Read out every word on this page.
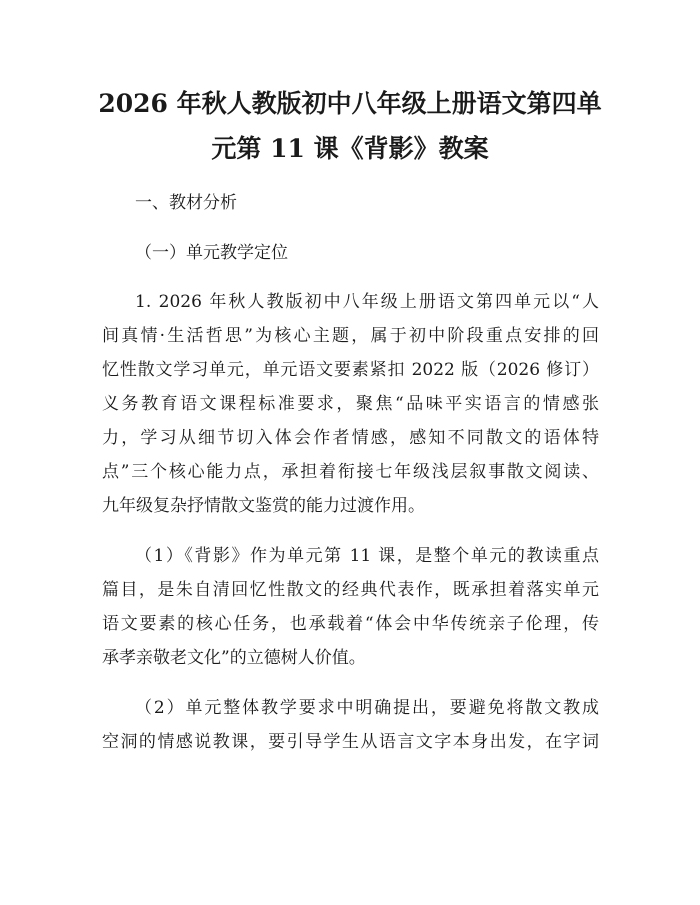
2026 年秋人教版初中八年级上册语文第四单
元第 11 课《背影》教案
一、教材分析
（一）单元教学定位
1. 2026 年秋人教版初中八年级上册语文第四单元以“人
间真情·生活哲思”为核心主题，属于初中阶段重点安排的回
忆性散文学习单元，单元语文要素紧扣 2022 版（2026 修订）
义务教育语文课程标准要求，聚焦“品味平实语言的情感张
力，学习从细节切入体会作者情感，感知不同散文的语体特
点”三个核心能力点，承担着衔接七年级浅层叙事散文阅读、
九年级复杂抒情散文鉴赏的能力过渡作用。
（1）《背影》作为单元第 11 课，是整个单元的教读重点
篇目，是朱自清回忆性散文的经典代表作，既承担着落实单元
语文要素的核心任务，也承载着“体会中华传统亲子伦理，传
承孝亲敬老文化”的立德树人价值。
（2）单元整体教学要求中明确提出，要避免将散文教成
空洞的情感说教课，要引导学生从语言文字本身出发，在字词
